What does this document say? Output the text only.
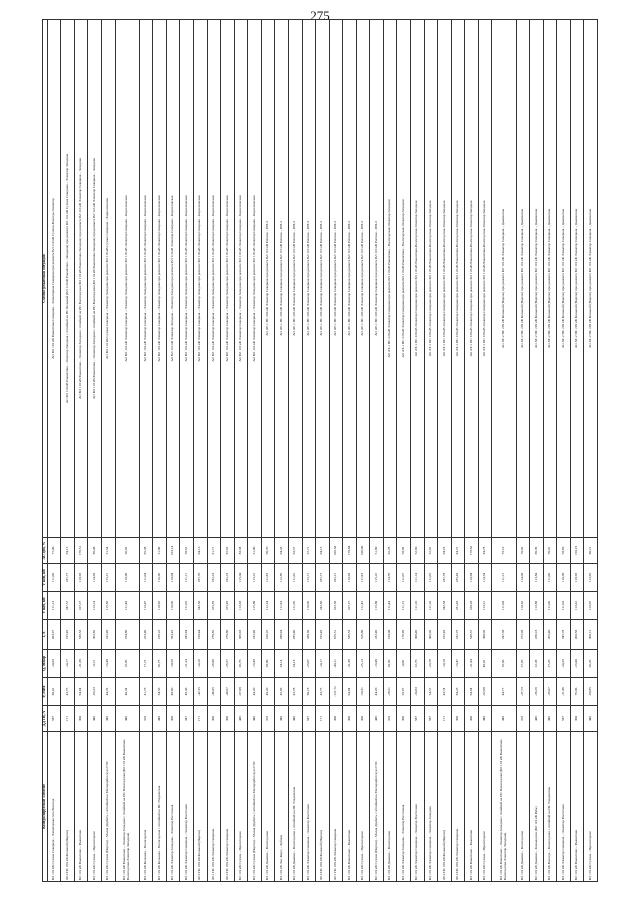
275
Контролируемый элемент	ДДТН, А	P, МВт	Q, МВар	I, A	V нач, кВ	V кон, кВ	ΔU доп, %	Схемно-режимная ситуация
ВЛ 110 кВ Сухона Северная – Элеваторная тяга Вологда	587	80,41	-14,03	453,97	111,13	111,09	77,40	АО ВЛ 110 кВ Рожнятово-Северная – Элеваторная Северная при ремонте ВЛ 110 кВ Сухона-Вологда-Элеватор
AT-2 ПС 220 кВ Большой (Наргон)	171	43,75	-14,17	195,45	247,57	237,77	64,15	АО ВЛ 110 кВ Рожнятово – Элеватор Западная с отпайкой на ПС Большой (ВЛ 110 кВ Рожнятово – Западная) при ремонте ВЛ 110 кВ Сухона Северная – Элеватор Западная
ВЛ 110 кВ Рожнятово – Рожнятово	300	94,94	-31,38	539,53	107,27	110,93	176,51	АО ВЛ 110 кВ Рожнятово – Элеватор Западная с отпайкой на ПС Вологодская (ВЛ 110 кВ Рожнятово-Западная) при ремонте ВЛ 110 кВ Элеватор Северная – Западная
ВЛ 110 кВ Сухона – Прилитерная	449	-63,23	-0,72	363,82	113,14	114,63	89,48	АО ВЛ 110 кВ Рожнятово – Элеватор Западная с отпайкой на ПС Вологодская (ВЛ 110 кВ Рожнятово-Западная) при ремонте ВЛ 110 кВ Элеватор Северная – Западная
ВЛ 110 кВ Сухона (Наргон) – Малая Дорбеть с отпайкой на Малодорбетскую ГЭС	449	44,29	-13,48	232,49	115,82	115,21	51,54	АО ВЛ 110 кВ Сухона Северная – Элеватор Западная при ремонте ВЛ 110 кВ Сухона Северная – Кирилловская
ВЛ 110 кВ Рожнятово – Элеватор Западная с отпайкой на ПС Вологодская (ВЛ 110 кВ Рожнятово-Вологодская-Элеватор Западная)	449	40,34	16,85	234,86	111,48	110,90	56,82	АО ВЛ 110 кВ Элеватор Северная – Элеватор Западная при ремонте ВЛ 110 кВ Элеватор Северная – Кирилловская
ВЛ 110 кВ Бельцева – Вологодская	318	41,73	17,72	223,46	113,47	111,04	65,38	АО ВЛ 110 кВ Элеватор Северная – Элеватор Западная при ремонте ВЛ 110 кВ Элеватор Северная – Кирилловская
ВЛ 110 кВ Бельцева – Вологодская с отпайкой на ПС Уладимская	449	34,53	26,75	229,16	110,65	116,26	51,09	АО ВЛ 110 кВ Элеватор Северная – Элеватор Западная при ремонте ВЛ 110 кВ Элеватор Северная – Кирилловская
ВЛ 110 кВ Элеватор Западная – Элеватор Восточная	300	48,90	-10,59	353,42	110,05	110,04	103,14	АО ВЛ 110 кВ Элеватор Западная – Элеватор Западная при ремонте ВЛ 110 кВ Элеватор Северная – Кирилловская
ВЛ 110 кВ Элеватор Северная – Элеватор Восточная	347	49,36	-21,24	285,94	111,05	111,11	58,81	АО ВЛ 110 кВ Элеватор Северная – Элеватор Западная при ремонте ВЛ 110 кВ Элеватор Северная – Кирилловская
AT-2 ПС 220 кВ Большой (Наргон)	171	-42,25	-14,16	198,44	242,56	237,76	64,13	АО ВЛ 110 кВ Элеватор Северная – Элеватор Западная при ремонте ВЛ 110 кВ Элеватор Северная – Кирилловская
AT-1 ПС 220 кВ Элеватор Северная	300	-46,95	-29,89	278,85	225,85	232,23	91,71	АО ВЛ 110 кВ Элеватор Северная – Элеватор Западная при ремонте ВЛ 110 кВ Элеватор Северная – Кирилловская
AT-2 ПС 220 кВ Элеватор Северная	300	-49,67	-29,57	278,86	225,45	232,23	92,92	АО ВЛ 110 кВ Элеватор Северная – Элеватор Западная при ремонте ВЛ 110 кВ Элеватор Северная – Кирилловская
ВЛ 110 кВ Сухона – Прилитерная	449	-67,08	26,76	369,93	113,93	115,04	83,38	АО ВЛ 110 кВ Элеватор Северная – Элеватор Западная при ремонте ВЛ 110 кВ Элеватор Северная – Кирилловская
ВЛ 110 кВ Сухона (Наргон) – Малая Дорбеть с отпайкой на Малодорбетскую ГЭС	449	44,20	-13,48	232,49	115,80	115,22	51,80	АО ВЛ 110 кВ Элеватор Северная – Элеватор Западная при ремонте ВЛ 110 кВ Элеватор Северная – Кирилловская
ВЛ 110 кВ Дьяково – Вологодская	318	40,20	20,80	220,16	112,24	111,83	69,70	АО АТ-1 ПС 220 кВ Элеватор Северная при ремонте ВЛ 110 кВ Рипчик – ПП-3
ВЛ 110 кВ Лыс-Бергу – Кубиня	449	45,83	34,14	288,94	111,63	112,85	64,33	АО АТ-1 ПС 220 кВ Элеватор Северная при ремонте ВЛ 110 кВ Рипчик – ПП-3
ВЛ 110 кВ Дьяково – Вологодская с отпайкой на ПС Уладимская	449	43,78	34,18	285,46	111,39	111,62	63,57	АО АТ-1 ПС 220 кВ Элеватор Северная при ремонте ВЛ 110 кВ Рипчик – ПП-3
ВЛ 110 кВ Элеватор Северная – Элеватор Восточная	587	60,18	-23,07	338,50	110,05	115,71	57,71	АО АТ-1 ПС 220 кВ Элеватор Северная при ремонте ВЛ 110 кВ Рипчик – ПП-3
AT-2 ПС 220 кВ Большой (Наргон)	171	43,75	-14,17	195,45	242,56	237,77	64,15	АО АТ-1 ПС 220 кВ Элеватор Северная при ремонте ВЛ 110 кВ Рипчик – ПП-3
AT-1 ПС 220 кВ Элеватор Северная	300	-121,72	-40,11	679,51	225,56	232,21	226,50	АО АТ-1 ПС 220 кВ Элеватор Северная при ремонте ВЛ 110 кВ Рипчик – ПП-3
ВЛ 110 кВ Рожнятово – Рожнятово	300	94,94	-31,38	539,53	107,27	110,93	179,84	АО АТ-1 ПС 220 кВ Элеватор Северная при ремонте ВЛ 110 кВ Рипчик – ПП-3
ВЛ 110 кВ Сухона – Прилитерная	300	-50,31	-25,13	319,80	111,45	111,93	106,60	АО АТ-1 ПС 220 кВ Элеватор Северная при ремонте ВЛ 110 кВ Рипчик – ПП-3
ВЛ 110 кВ Сухона (Наргон) – Малая Дорбеть с отпайкой на Малодорбетскую ГЭС	449	44,20	-13,48	232,49	115,80	115,22	51,80	АО АТ-1 ПС 220 кВ Элеватор Северная при ремонте ВЛ 110 кВ Рипчик – ПП-3
ВЛ 110 кВ Дьяково – Вологодская	318	-28,51	20,50	198,08	111,44	114,79	62,28	АО АТ-1 ПС 220 кВ Элеватор Северная при ремонте ВЛ 110 кВ Рожнятово – Вологодская-Элеватор Западная
ВЛ 110 кВ Элеватор Западная – Элеватор Восточная	300	29,97	-0,06	176,99	111,15	111,07	58,99	АО АТ-1 ПС 220 кВ Элеватор Северная при ремонте ВЛ 110 кВ Рожнятово – Вологодская-Элеватор Западная
ВЛ 110 кВ Элеватор Северная – Элеватор Восточная	587	-34,83	22,76	308,49	111,10	111,14	52,60	АО АТ-1 ПС 220 кВ Элеватор Северная при ремонте ВЛ 110 кВ Рожнятово-Вологодская-Элеватор Западная
ВЛ 110 кВ Элеватор Северная – Элеватор Западная	587	54,57	-23,79	305,05	111,10	111,05	52,01	АО АТ-1 ПС 220 кВ Элеватор Северная при ремонте ВЛ 110 кВ Рожнятово-Вологодская-Элеватор Западная
AT-2 ПС 220 кВ Большой (Наргон)	171	43,74	-14,18	195,45	242,58	237,78	64,23	АО АТ-1 ПС 220 кВ Элеватор Северная при ремонте ВЛ 110 кВ Рожнятово-Вологодская-Элеватор Западная
AT-2 ПС 220 кВ Элеватор Северная	300	84,23	-13,47	232,75	231,45	235,43	94,72	АО АТ-1 ПС 220 кВ Элеватор Северная при ремонте ВЛ 110 кВ Рожнятово-Вологодская-Элеватор Западная
ВЛ 110 кВ Рожнятово – Рожнятово	300	94,94	-31,84	539,57	109,28	110,64	179,82	АО АТ-1 ПС 220 кВ Элеватор Северная при ремонте ВЛ 110 кВ Рожнятово-Вологодская-Элеватор Западная
ВЛ 110 кВ Сухона – Прилитерная	449	-62,08	40,92	380,05	113,21	114,54	84,78	АО АТ-1 ПС 220 кВ Элеватор Северная при ремонте ВЛ 110 кВ Рожнятово-Вологодская-Элеватор Западная
ВЛ 110 кВ Рожнятово – Элеватор Западная с отпайкой на ПС Вологодская (ВЛ 110 кВ Рожнятово-Вологодская-Элеватор Западная)	449	44,77	16,83	247,38	111,08	111,12	55,19	АО АТ-2 ПС 220 кВ Большой (Наргон) при ремонте ВЛ 110 кВ Элеватор Северная – Дьяковская
ВЛ 110 кВ Дьяково – Вологодская	318	-37,73	27,93	272,03	110,62	114,03	70,02	АО АТ-2 ПС 220 кВ Большой (Наргон) при ремонте ВЛ 110 кВ Элеватор Северная – Дьяковская
ВЛ 110 кВ Дьяково – Кольяндиха (ВЛ 110 кВ Рябь)	449	-36,29	22,38	238,18	113,86	113,84	69,39	АО АТ-2 ПС 220 кВ Большой (Наргон) при ремонте ВЛ 110 кВ Элеватор Северная – Дьяковская
ВЛ 110 кВ Вологда – Вологодская с отпайкой на ПС Уладимская	449	-35,67	27,26	265,40	111,06	111,06	59,41	АО АТ-2 ПС 220 кВ Большой (Наргон) при ремонте ВЛ 110 кВ Элеватор Северная – Дьяковская
ВЛ 110 кВ Элеватор Северная – Элеватор Восточная	587	-51,86	-24,33	345,78	111,03	110,38	58,96	АО АТ-2 ПС 220 кВ Большой (Наргон) при ремонте ВЛ 110 кВ Элеватор Северная – Дьяковская
ВЛ 110 кВ Рожнятово – Рожнятово	300	79,06	-23,40	450,58	113,41	110,93	150,19	АО АТ-2 ПС 220 кВ Большой (Наргон) при ремонте ВЛ 110 кВ Элеватор Северная – Дьяковская
ВЛ 110 кВ Сухона – Прилитерная	449	-60,85	26,35	360,12	113,07	113,95	80,21	АО АТ-2 ПС 220 кВ Большой (Наргон) при ремонте ВЛ 110 кВ Элеватор Северная – Дьяковская
